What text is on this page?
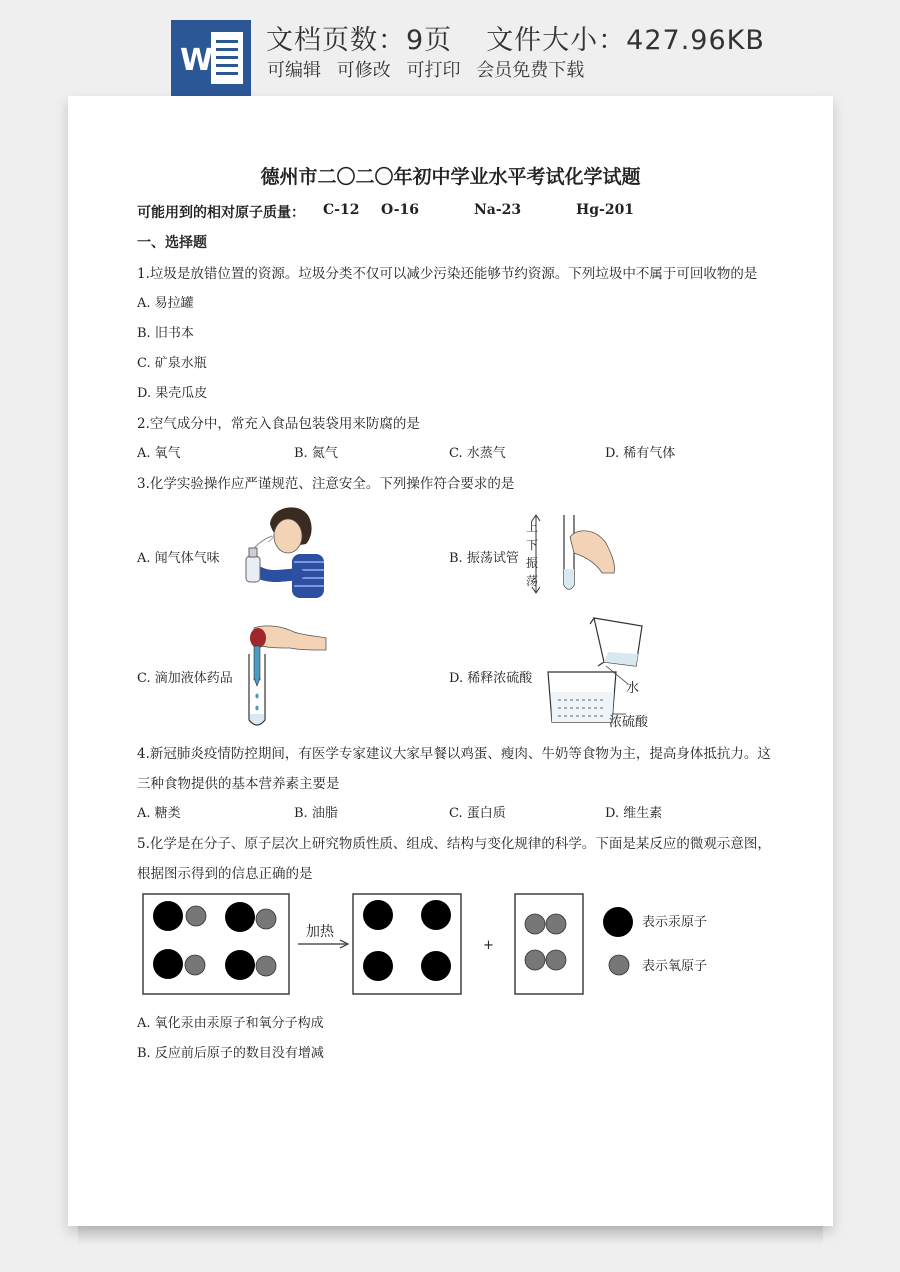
W
文档页数：9页 文件大小：427.96KB
可编辑 可修改 可打印 会员免费下载
德州市二〇二〇年初中学业水平考试化学试题
可能用到的相对原子质量： C-12 O-16	Na-23	Hg-201
一、选择题
1.垃圾是放错位置的资源。垃圾分类不仅可以减少污染还能够节约资源。下列垃圾中不属于可回收物的是
A. 易拉罐
B. 旧书本
C. 矿泉水瓶
D. 果壳瓜皮
2.空气成分中，常充入食品包装袋用来防腐的是
A. 氧气	B. 氮气	C. 水蒸气	D. 稀有气体
3.化学实验操作应严谨规范、注意安全。下列操作符合要求的是
A. 闻气体气味	B. 振荡试管
C. 滴加液体药品	D. 稀释浓硫酸
上
下
振
荡
水
浓硫酸
4.新冠肺炎疫情防控期间，有医学专家建议大家早餐以鸡蛋、瘦肉、牛奶等食物为主，提高身体抵抗力。这
三种食物提供的基本营养素主要是
A. 糖类	B. 油脂	C. 蛋白质	D. 维生素
5.化学是在分子、原子层次上研究物质性质、组成、结构与变化规律的科学。下面是某反应的微观示意图，
根据图示得到的信息正确的是
加热
+
表示汞原子
表示氧原子
A. 氧化汞由汞原子和氧分子构成
B. 反应前后原子的数目没有增减
